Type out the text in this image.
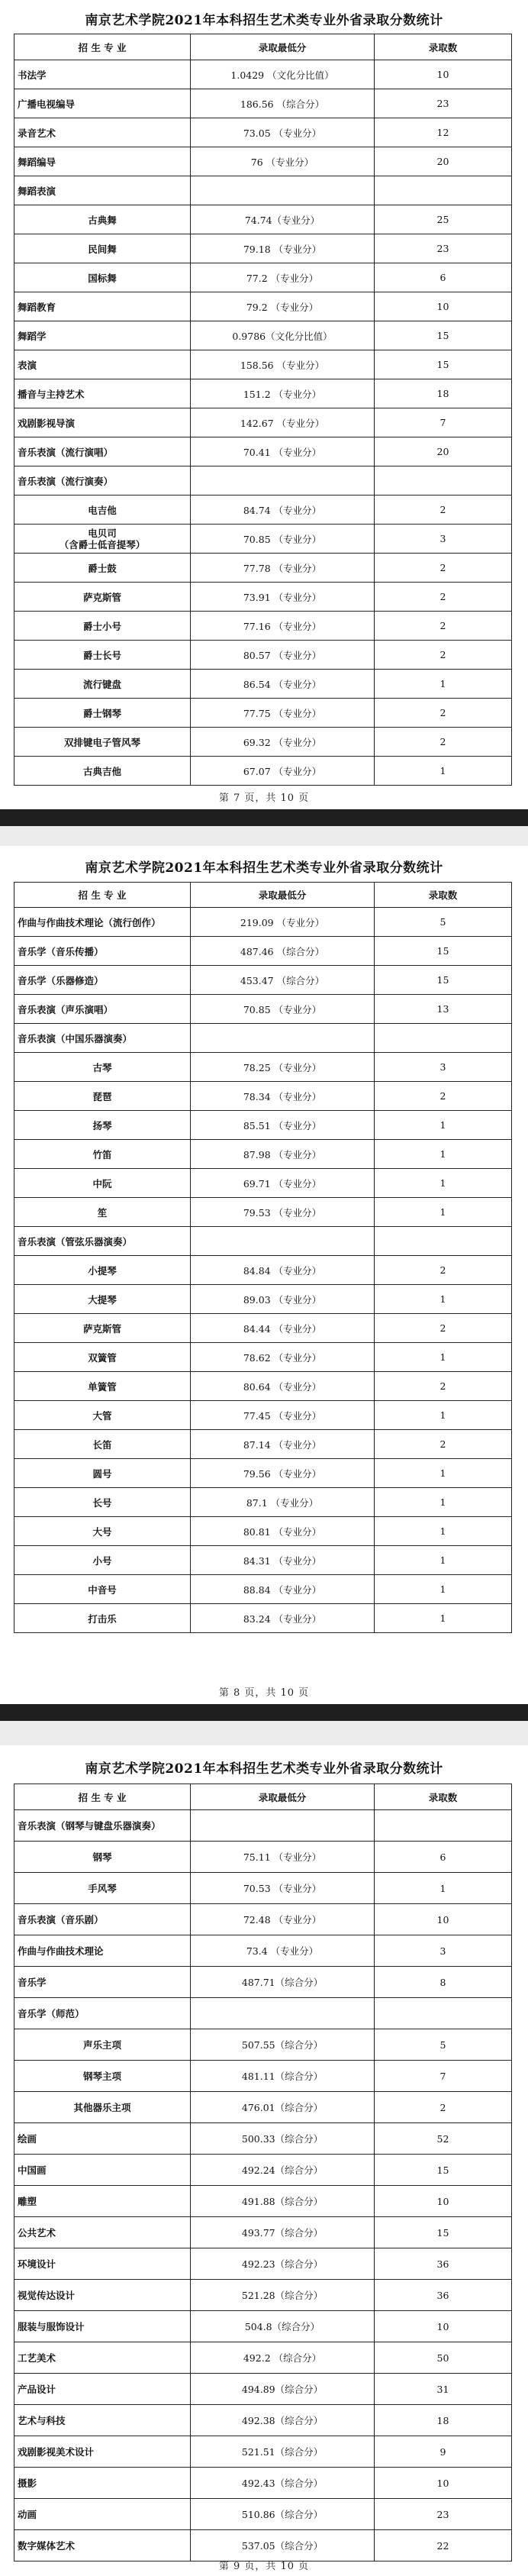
南京艺术学院2021年本科招生艺术类专业外省录取分数统计
招 生 专 业	录取最低分	录取数
书法学	1.0429 （文化分比值）	10
广播电视编导	186.56 （综合分）	23
录音艺术	73.05 （专业分）	12
舞蹈编导	76 （专业分）	20
舞蹈表演		
古典舞	74.74（专业分）	25
民间舞	79.18 （专业分）	23
国标舞	77.2 （专业分）	6
舞蹈教育	79.2 （专业分）	10
舞蹈学	0.9786（文化分比值）	15
表演	158.56 （专业分）	15
播音与主持艺术	151.2 （专业分）	18
戏剧影视导演	142.67 （专业分）	7
音乐表演（流行演唱）	70.41 （专业分）	20
音乐表演（流行演奏）		
电吉他	84.74 （专业分）	2

电贝司
（含爵士低音提琴）	70.85 （专业分）	3
爵士鼓	77.78 （专业分）	2
萨克斯管	73.91 （专业分）	2
爵士小号	77.16 （专业分）	2
爵士长号	80.57 （专业分）	2
流行键盘	86.54 （专业分）	1
爵士钢琴	77.75 （专业分）	2
双排键电子管风琴	69.32 （专业分）	2
古典吉他	67.07 （专业分）	1
第 7 页，共 10 页
南京艺术学院2021年本科招生艺术类专业外省录取分数统计
招 生 专 业	录取最低分	录取数
作曲与作曲技术理论（流行创作）	219.09 （专业分）	5
音乐学（音乐传播）	487.46 （综合分）	15
音乐学（乐器修造）	453.47 （综合分）	15
音乐表演（声乐演唱）	70.85 （专业分）	13
音乐表演（中国乐器演奏）		
古琴	78.25 （专业分）	3
琵琶	78.34 （专业分）	2
扬琴	85.51 （专业分）	1
竹笛	87.98 （专业分）	1
中阮	69.71 （专业分）	1
笙	79.53 （专业分）	1
音乐表演（管弦乐器演奏）		
小提琴	84.84 （专业分）	2
大提琴	89.03 （专业分）	1
萨克斯管	84.44 （专业分）	2
双簧管	78.62 （专业分）	1
单簧管	80.64 （专业分）	2
大管	77.45 （专业分）	1
长笛	87.14 （专业分）	2
圆号	79.56 （专业分）	1
长号	87.1 （专业分）	1
大号	80.81 （专业分）	1
小号	84.31 （专业分）	1
中音号	88.84 （专业分）	1
打击乐	83.24 （专业分）	1
第 8 页，共 10 页
南京艺术学院2021年本科招生艺术类专业外省录取分数统计
招 生 专 业	录取最低分	录取数
音乐表演（钢琴与键盘乐器演奏）		
钢琴	75.11 （专业分）	6
手风琴	70.53 （专业分）	1
音乐表演（音乐剧）	72.48 （专业分）	10
作曲与作曲技术理论	73.4 （专业分）	3
音乐学	487.71（综合分）	8
音乐学（师范）		
声乐主项	507.55（综合分）	5
钢琴主项	481.11（综合分）	7
其他器乐主项	476.01（综合分）	2
绘画	500.33（综合分）	52
中国画	492.24（综合分）	15
雕塑	491.88（综合分）	10
公共艺术	493.77（综合分）	15
环境设计	492.23（综合分）	36
视觉传达设计	521.28（综合分）	36
服装与服饰设计	504.8（综合分）	10
工艺美术	492.2 （综合分）	50
产品设计	494.89（综合分）	31
艺术与科技	492.38（综合分）	18
戏剧影视美术设计	521.51（综合分）	9
摄影	492.43（综合分）	10
动画	510.86（综合分）	23
数字媒体艺术	537.05（综合分）	22
第 9 页，共 10 页
